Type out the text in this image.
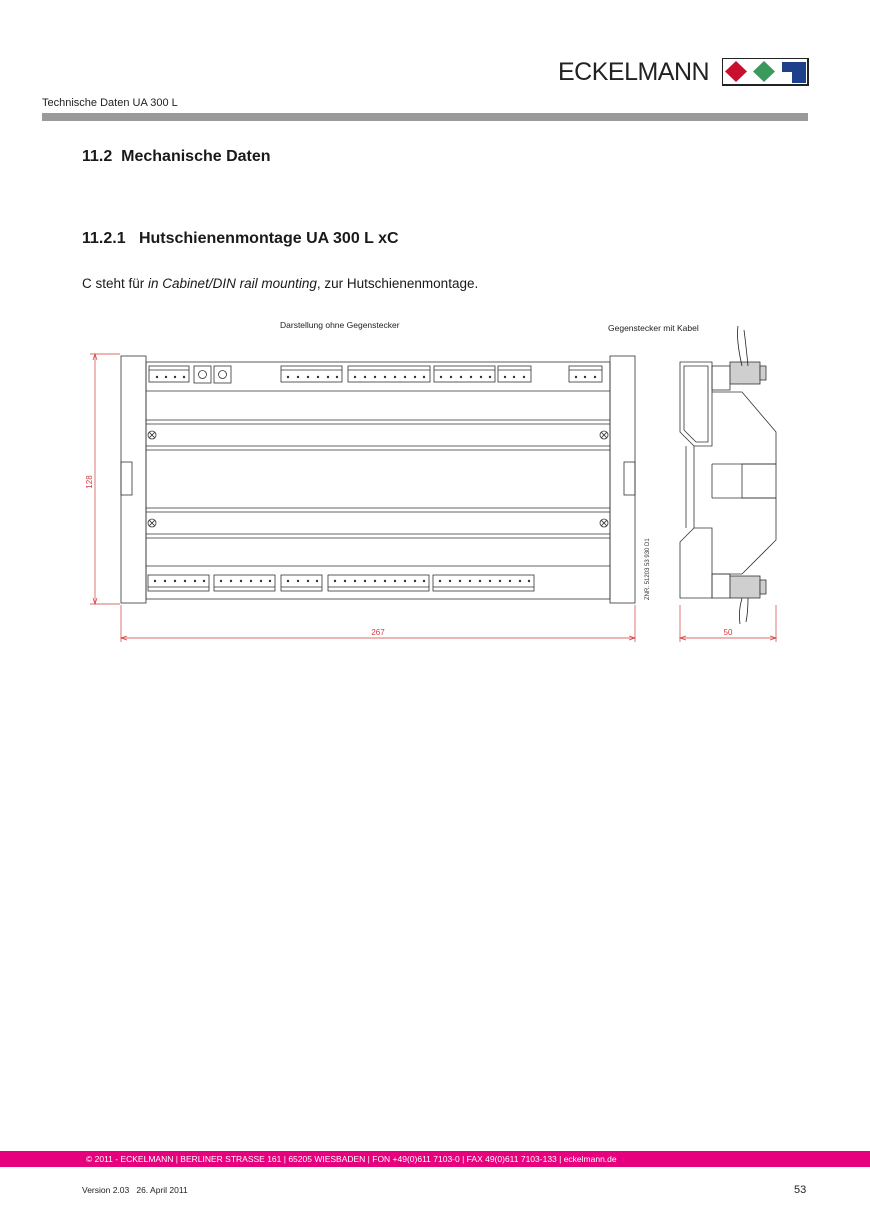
ECKELMANN
Technische Daten UA 300 L
11.2  Mechanische Daten
11.2.1   Hutschienenmontage UA 300 L xC
C steht für in Cabinet/DIN rail mounting, zur Hutschienenmontage.
Darstellung ohne Gegenstecker	Gegenstecker mit Kabel
128
267	50
ZNR. 51203 53 930 D1
© 2011 - ECKELMANN | BERLINER STRASSE 161 | 65205 WIESBADEN | FON +49(0)611 7103-0 | FAX 49(0)611 7103-133 | eckelmann.de
Version 2.03   26. April 2011	53
